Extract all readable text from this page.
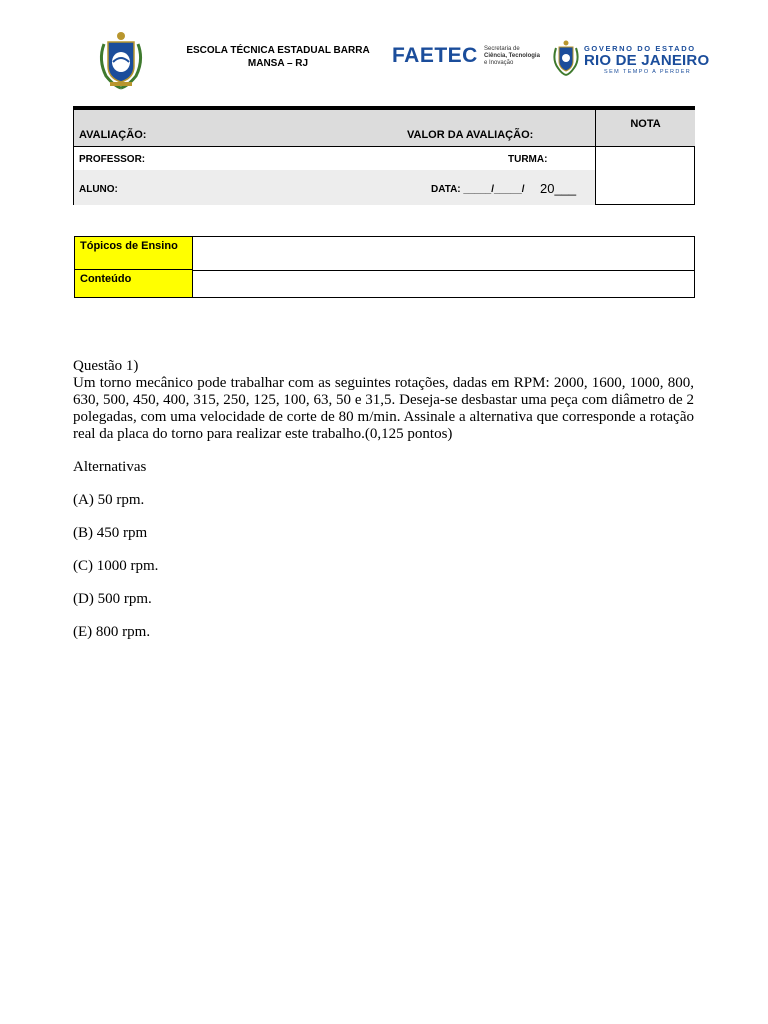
ESCOLA TÉCNICA ESTADUAL BARRA MANSA – RJ	FAETEC Secretaria de
Ciência, Tecnologia
e Inovação
GOVERNO DO ESTADO
RIO DE JANEIRO
SEM TEMPO A PERDER
AVALIAÇÃO:	VALOR DA AVALIAÇÃO:
PROFESSOR:	TURMA:
ALUNO:	DATA: _____/_____/ 20___
NOTA
Tópicos de Ensino
Conteúdo

Questão 1)

Um torno mecânico pode trabalhar com as seguintes rotações, dadas em RPM: 2000, 1600, 1000, 800, 630, 500, 450, 400, 315, 250, 125, 100, 63, 50 e 31,5. Deseja-se desbastar uma peça com diâmetro de 2 polegadas, com uma velocidade de corte de 80 m/min. Assinale a alternativa que corresponde a rotação real da placa do torno para realizar este trabalho.(0,125 pontos)

Alternativas

(A) 50 rpm.

(B) 450 rpm

(C) 1000 rpm.

(D) 500 rpm.

(E) 800 rpm.
